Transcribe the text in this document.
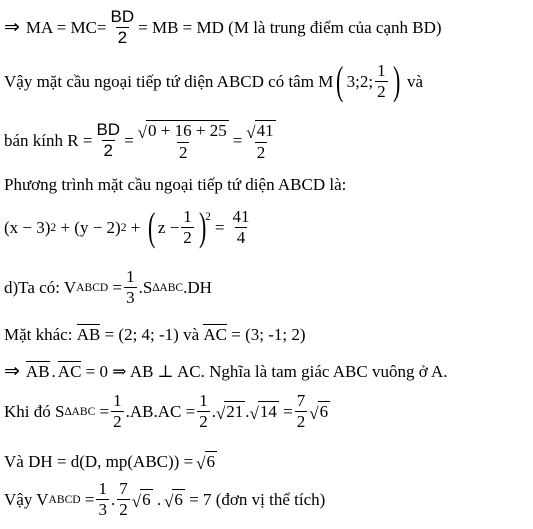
⇒ MA = $MC= \frac{BD}{2}$ = MB = MD (M là trung điểm của cạnh BD)
Vậy mặt cầu ngoại tiếp tứ diện ABCD có tâm M ( 3;2; $\frac{1}{2}$ ) và
bán kính $R = \frac{BD}{2} = \frac{√ 0 + 16 + 25}{2} = \frac{√ 41}{2}$
Phương trình mặt cầu ngoại tiếp tứ diện ABCD là:
(x − 3) 2 + (y − 2) 2 + ( $z - \frac{1}{2}$ )
2
= $\frac{41}{4}$
d)Ta có: V ABCD = $\frac{1}{3} .S$ ∆ABC .DH
Mặt khác: AB = (2; 4; -1) và AC = (3; -1; 2)
⇒ AB . AC = 0 ⇒ AB ⊥ AC. Nghĩa là tam giác ABC vuông ở A.
Khi đó S $\Delta ABC = \frac{1}{2} .AB.AC = \frac{1}{2}$ . √ 21 . √ $14 = \frac{7}{2}$ √ 6
Và DH = d(D, mp(ABC)) = √ 6
Vậy V ABCD = $\frac{1}{3}$ . $\frac{7}{2}$ √ 6 . √ 6 = 7 (đơn vị thể tích)
